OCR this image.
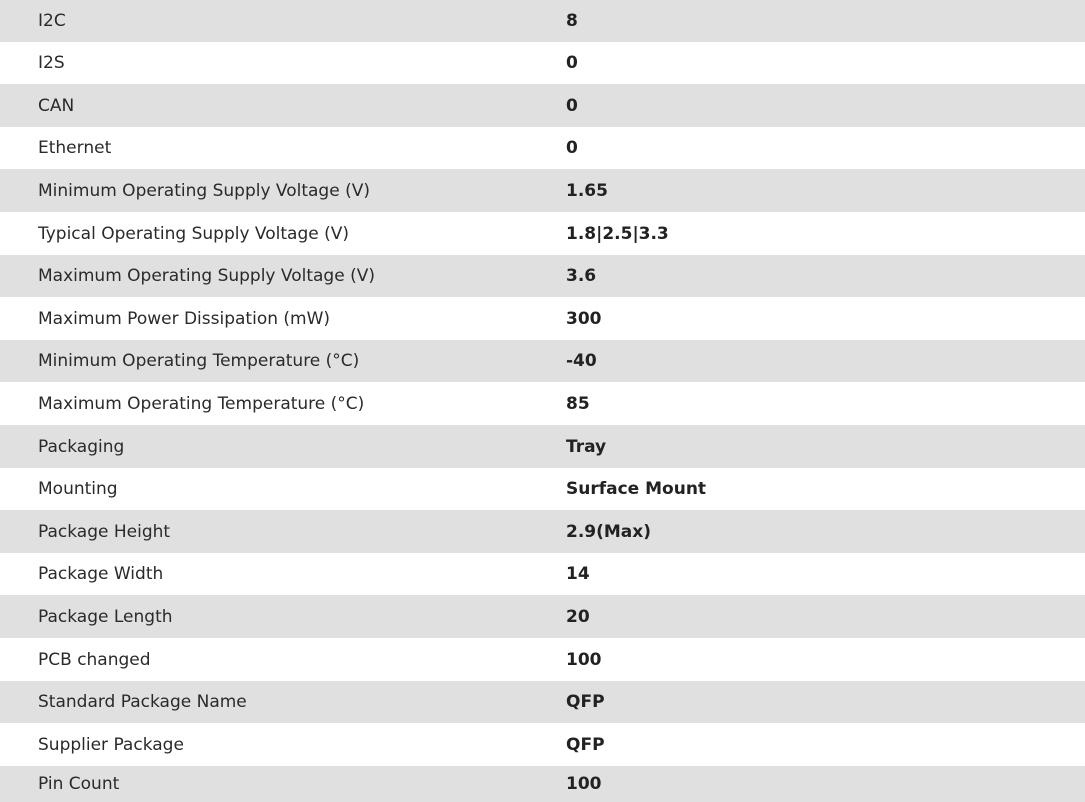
I2C	8
I2S	0
CAN	0
Ethernet	0
Minimum Operating Supply Voltage (V)	1.65
Typical Operating Supply Voltage (V)	1.8|2.5|3.3
Maximum Operating Supply Voltage (V)	3.6
Maximum Power Dissipation (mW)	300
Minimum Operating Temperature (°C)	-40
Maximum Operating Temperature (°C)	85
Packaging	Tray
Mounting	Surface Mount
Package Height	2.9(Max)
Package Width	14
Package Length	20
PCB changed	100
Standard Package Name	QFP
Supplier Package	QFP
Pin Count	100
